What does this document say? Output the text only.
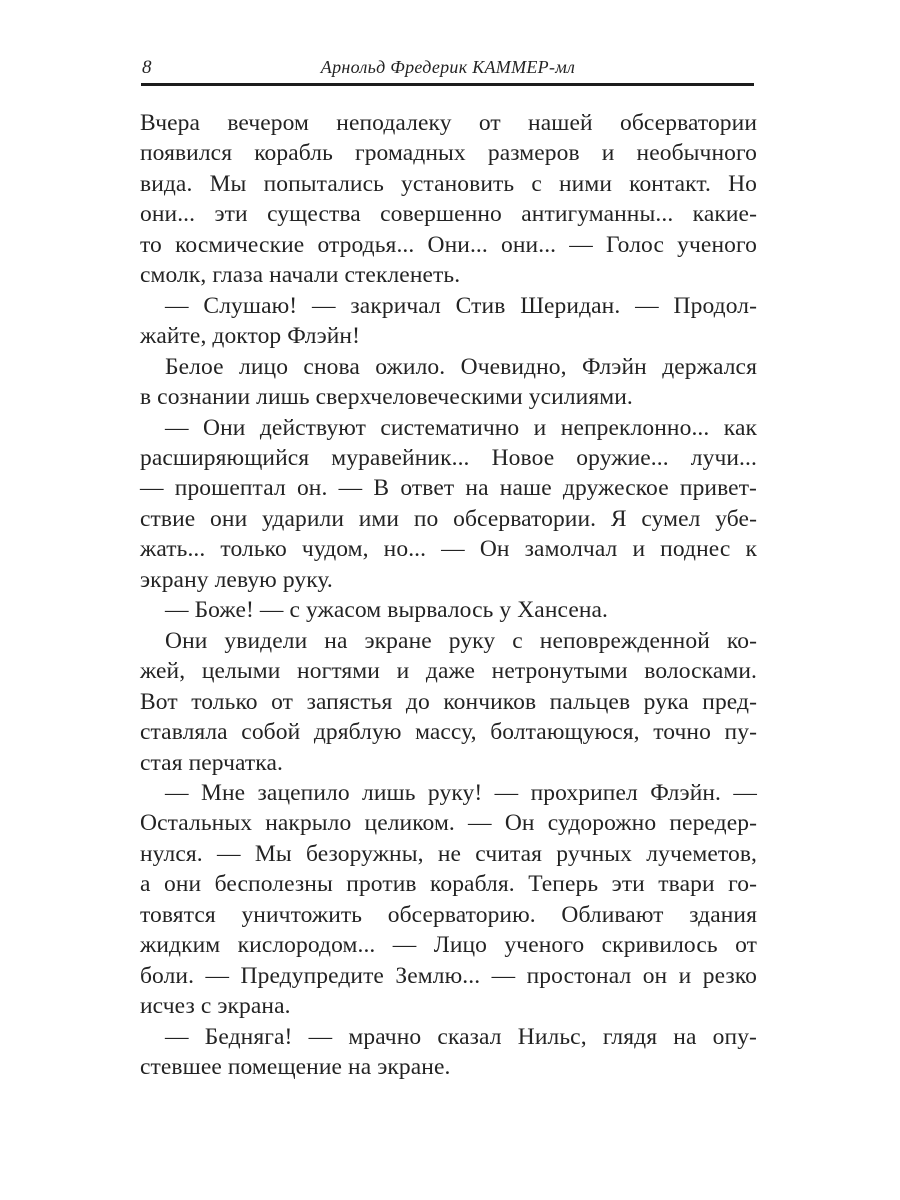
8	Арнольд Фредерик КАММЕР-мл
Вчера вечером неподалеку от нашей обсерватории
появился корабль громадных размеров и необычного
вида. Мы попытались установить с ними контакт. Но
они... эти существа совершенно антигуманны... какие-
то космические отродья... Они... они... — Голос ученого
смолк, глаза начали стекленеть.
— Слушаю! — закричал Стив Шеридан. — Продол-
жайте, доктор Флэйн!
Белое лицо снова ожило. Очевидно, Флэйн держался
в сознании лишь сверхчеловеческими усилиями.
— Они действуют систематично и непреклонно... как
расширяющийся муравейник... Новое оружие... лучи...
— прошептал он. — В ответ на наше дружеское привет-
ствие они ударили ими по обсерватории. Я сумел убе-
жать... только чудом, но... — Он замолчал и поднес к
экрану левую руку.
— Боже! — с ужасом вырвалось у Хансена.
Они увидели на экране руку с неповрежденной ко-
жей, целыми ногтями и даже нетронутыми волосками.
Вот только от запястья до кончиков пальцев рука пред-
ставляла собой дряблую массу, болтающуюся, точно пу-
стая перчатка.
— Мне зацепило лишь руку! — прохрипел Флэйн. —
Остальных накрыло целиком. — Он судорожно передер-
нулся. — Мы безоружны, не считая ручных лучеметов,
а они бесполезны против корабля. Теперь эти твари го-
товятся уничтожить обсерваторию. Обливают здания
жидким кислородом... — Лицо ученого скривилось от
боли. — Предупредите Землю... — простонал он и резко
исчез с экрана.
— Бедняга! — мрачно сказал Нильс, глядя на опу-
стевшее помещение на экране.
